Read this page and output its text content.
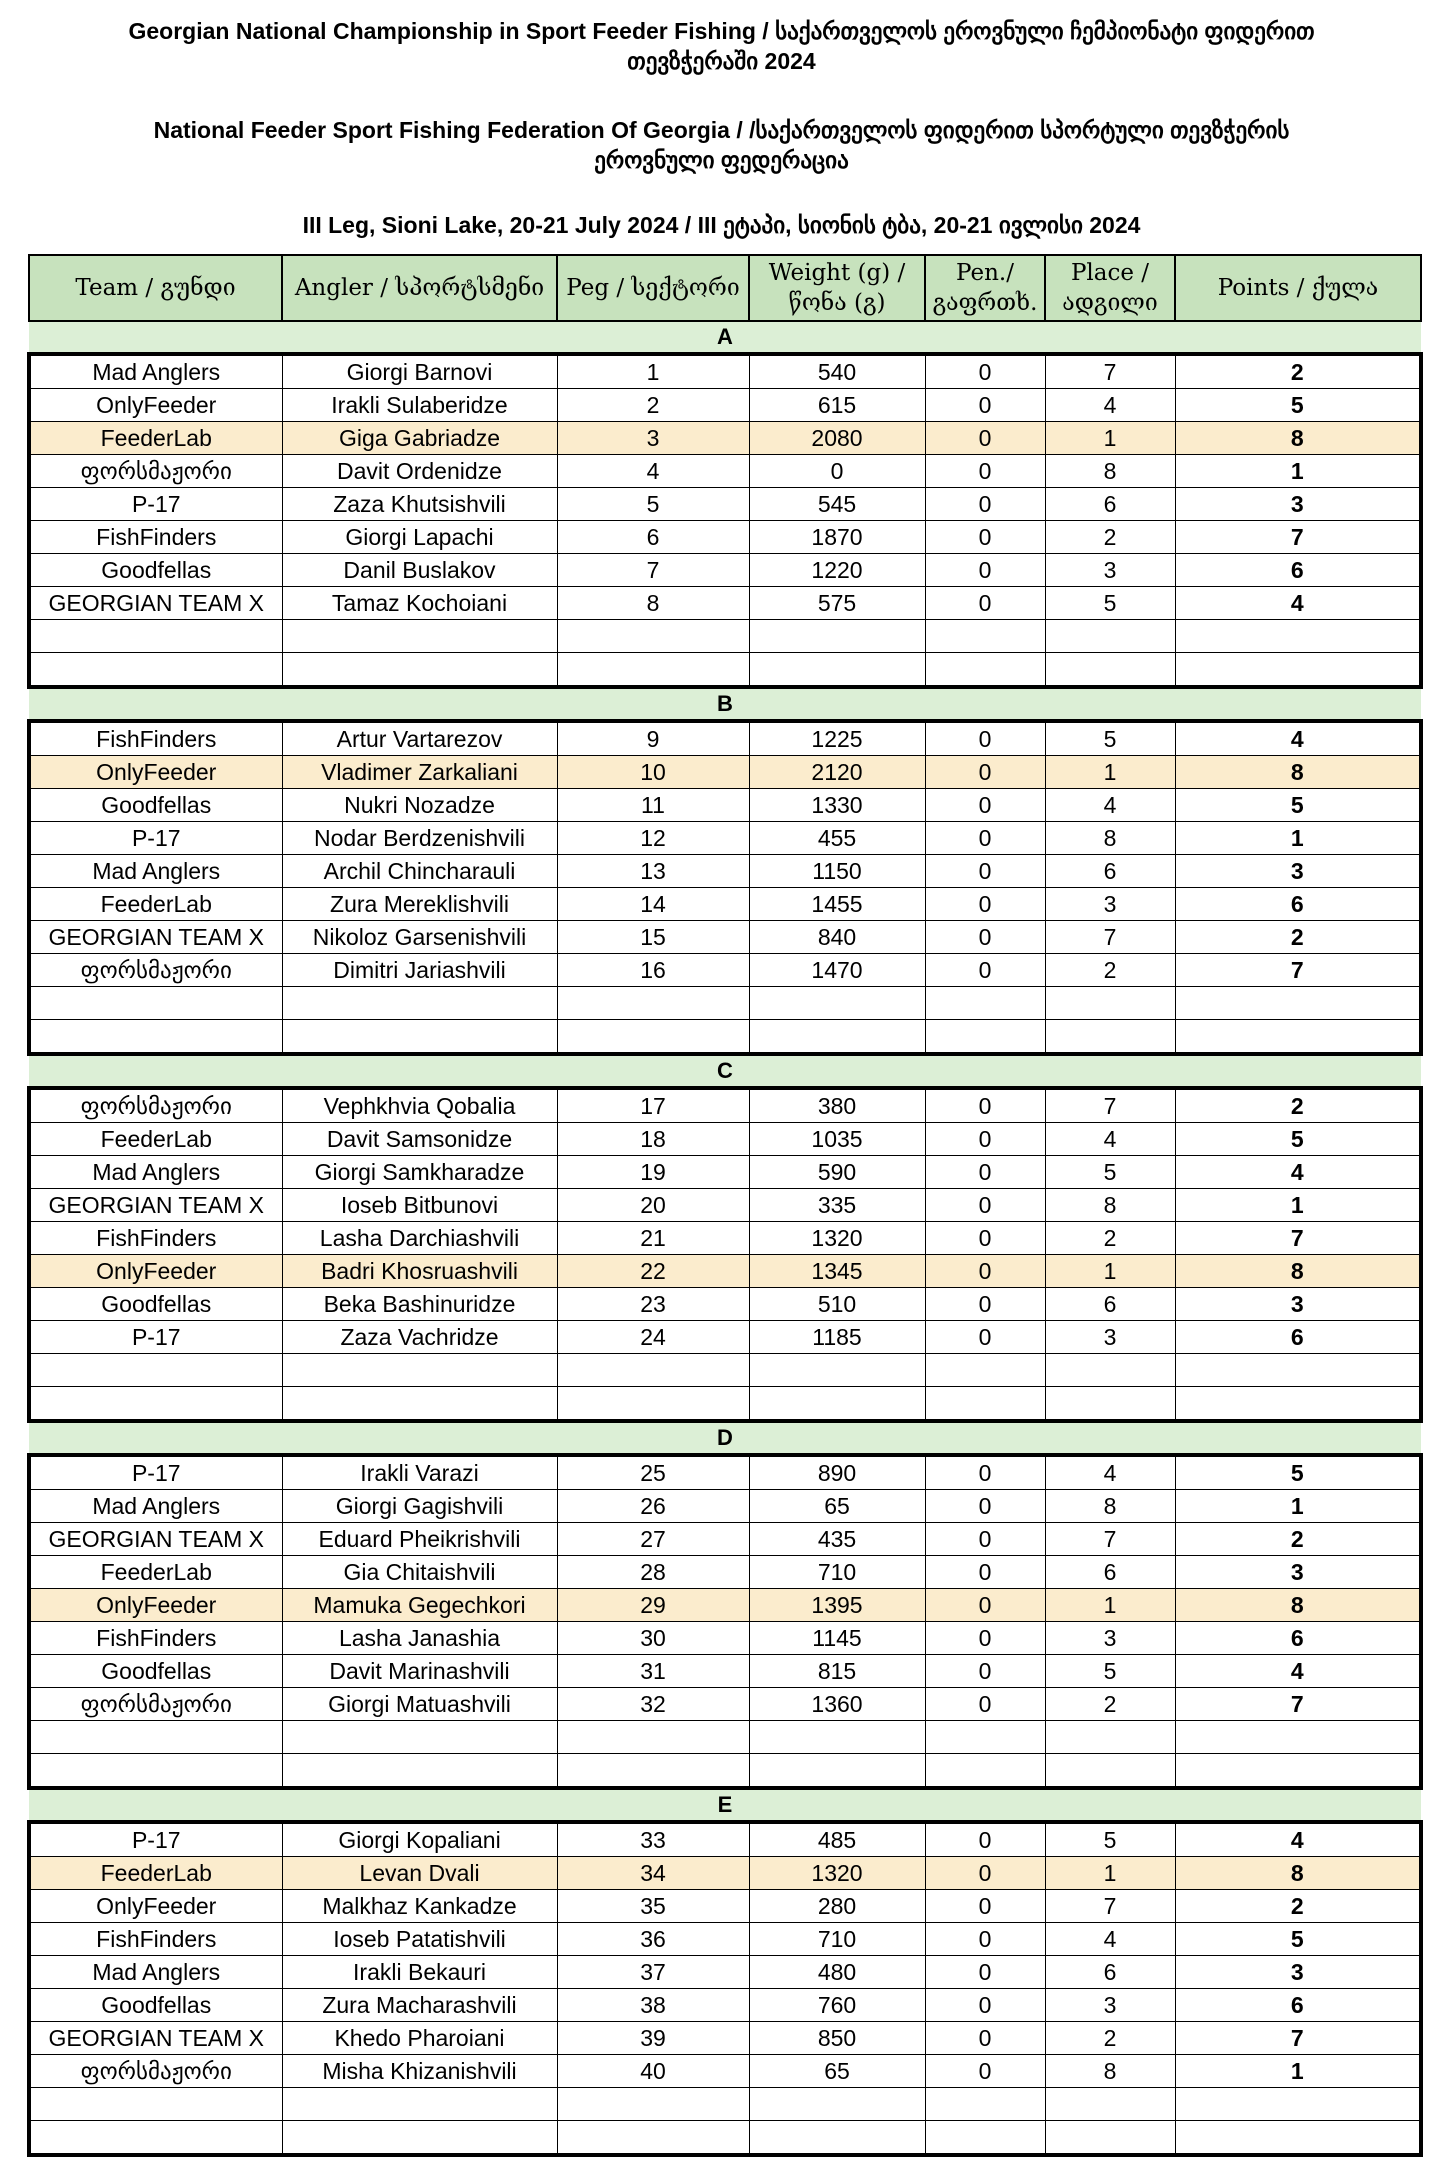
Georgian National Championship in Sport Feeder Fishing / საქართველოს ეროვნული ჩემპიონატი ფიდერით
თევზჭერაში 2024
National Feeder Sport Fishing Federation Of Georgia / /საქართველოს ფიდერით სპორტული თევზჭერის
ეროვნული ფედერაცია
III Leg, Sioni Lake, 20-21 July 2024 / III ეტაპი, სიონის ტბა, 20-21 ივლისი 2024
Team / გუნდი	Angler / სპორტსმენი	Peg / სექტორი	Weight (g) / წონა (გ)	Pen./გაფრთხ.	Place / ადგილი	Points / ქულა
A						
Mad Anglers	Giorgi Barnovi	1	540	0	7	2
OnlyFeeder	Irakli Sulaberidze	2	615	0	4	5
FeederLab	Giga Gabriadze	3	2080	0	1	8
ფორსმაჟორი	Davit Ordenidze	4	0	0	8	1
P-17	Zaza Khutsishvili	5	545	0	6	3
FishFinders	Giorgi Lapachi	6	1870	0	2	7
Goodfellas	Danil Buslakov	7	1220	0	3	6
GEORGIAN TEAM X	Tamaz Kochoiani	8	575	0	5	4

B						
FishFinders	Artur Vartarezov	9	1225	0	5	4
OnlyFeeder	Vladimer Zarkaliani	10	2120	0	1	8
Goodfellas	Nukri Nozadze	11	1330	0	4	5
P-17	Nodar Berdzenishvili	12	455	0	8	1
Mad Anglers	Archil Chincharauli	13	1150	0	6	3
FeederLab	Zura Mereklishvili	14	1455	0	3	6
GEORGIAN TEAM X	Nikoloz Garsenishvili	15	840	0	7	2
ფორსმაჟორი	Dimitri Jariashvili	16	1470	0	2	7

C						
ფორსმაჟორი	Vephkhvia Qobalia	17	380	0	7	2
FeederLab	Davit Samsonidze	18	1035	0	4	5
Mad Anglers	Giorgi Samkharadze	19	590	0	5	4
GEORGIAN TEAM X	Ioseb Bitbunovi	20	335	0	8	1
FishFinders	Lasha Darchiashvili	21	1320	0	2	7
OnlyFeeder	Badri Khosruashvili	22	1345	0	1	8
Goodfellas	Beka Bashinuridze	23	510	0	6	3
P-17	Zaza Vachridze	24	1185	0	3	6

D						
P-17	Irakli Varazi	25	890	0	4	5
Mad Anglers	Giorgi Gagishvili	26	65	0	8	1
GEORGIAN TEAM X	Eduard Pheikrishvili	27	435	0	7	2
FeederLab	Gia Chitaishvili	28	710	0	6	3
OnlyFeeder	Mamuka Gegechkori	29	1395	0	1	8
FishFinders	Lasha Janashia	30	1145	0	3	6
Goodfellas	Davit Marinashvili	31	815	0	5	4
ფორსმაჟორი	Giorgi Matuashvili	32	1360	0	2	7

E						
P-17	Giorgi Kopaliani	33	485	0	5	4
FeederLab	Levan Dvali	34	1320	0	1	8
OnlyFeeder	Malkhaz Kankadze	35	280	0	7	2
FishFinders	Ioseb Patatishvili	36	710	0	4	5
Mad Anglers	Irakli Bekauri	37	480	0	6	3
Goodfellas	Zura Macharashvili	38	760	0	3	6
GEORGIAN TEAM X	Khedo Pharoiani	39	850	0	2	7
ფორსმაჟორი	Misha Khizanishvili	40	65	0	8	1
